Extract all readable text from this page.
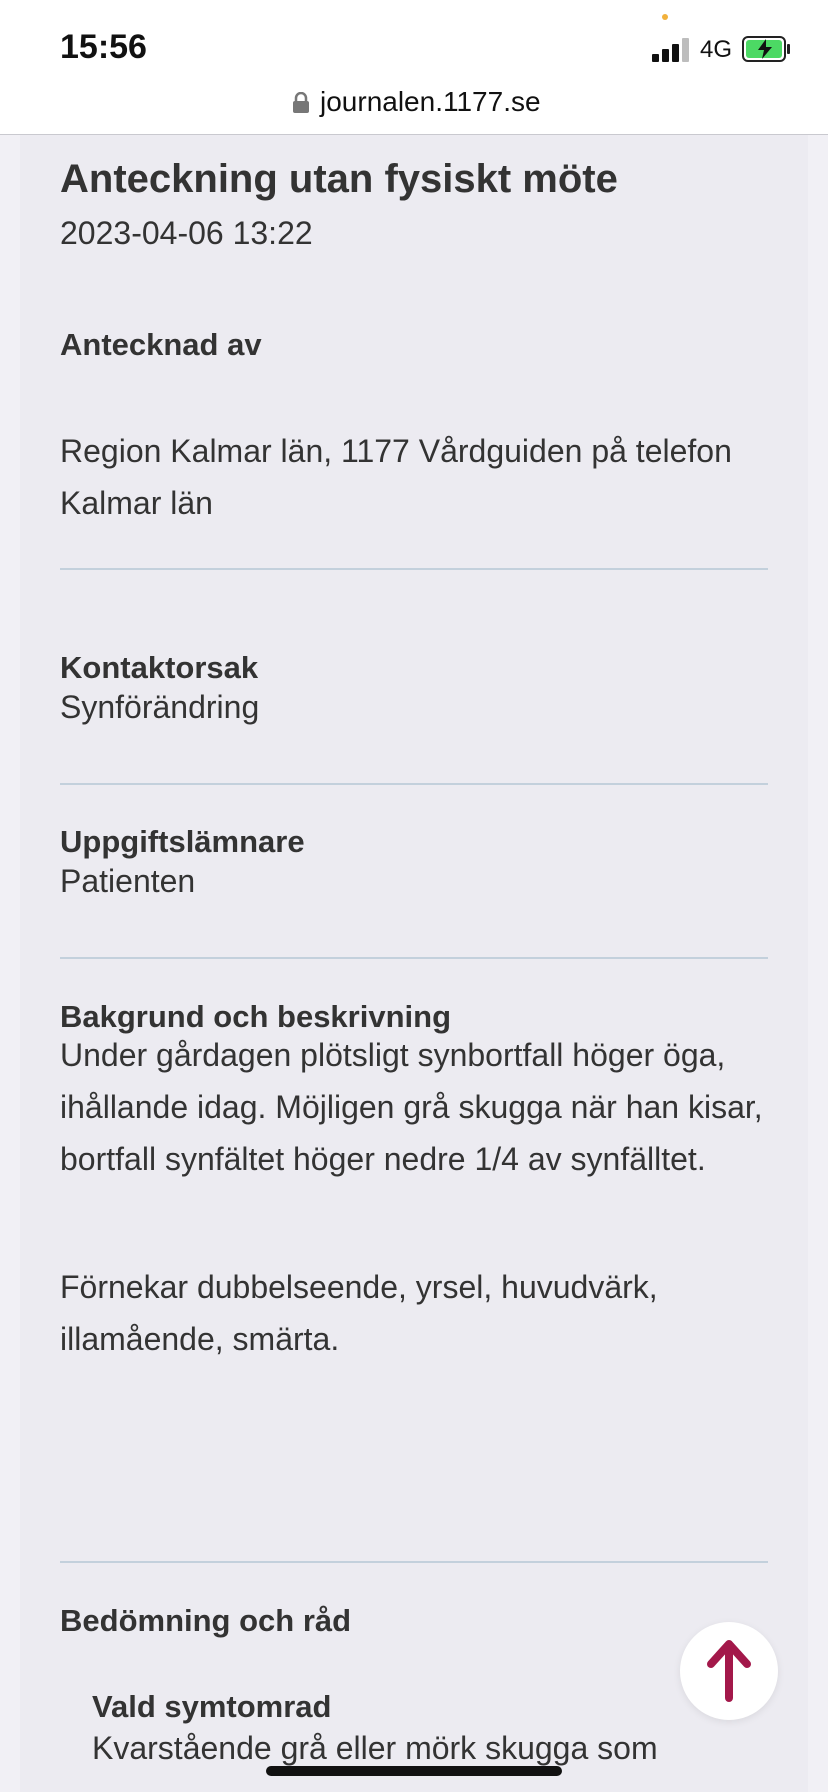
15:56	4G
journalen.1177.se
Anteckning utan fysiskt möte
2023-04-06 13:22
Antecknad av
Region Kalmar län, 1177 Vårdguiden på telefon Kalmar län
Kontaktorsak
Synförändring
Uppgiftslämnare
Patienten
Bakgrund och beskrivning
Under gårdagen plötsligt synbortfall höger öga, ihållande idag. Möjligen grå skugga när han kisar, bortfall synfältet höger nedre 1/4 av synfälltet.
Förnekar dubbelseende, yrsel, huvudvärk, illamående, smärta.
Bedömning och råd
Vald symtomrad
Kvarstående grå eller mörk skugga som
